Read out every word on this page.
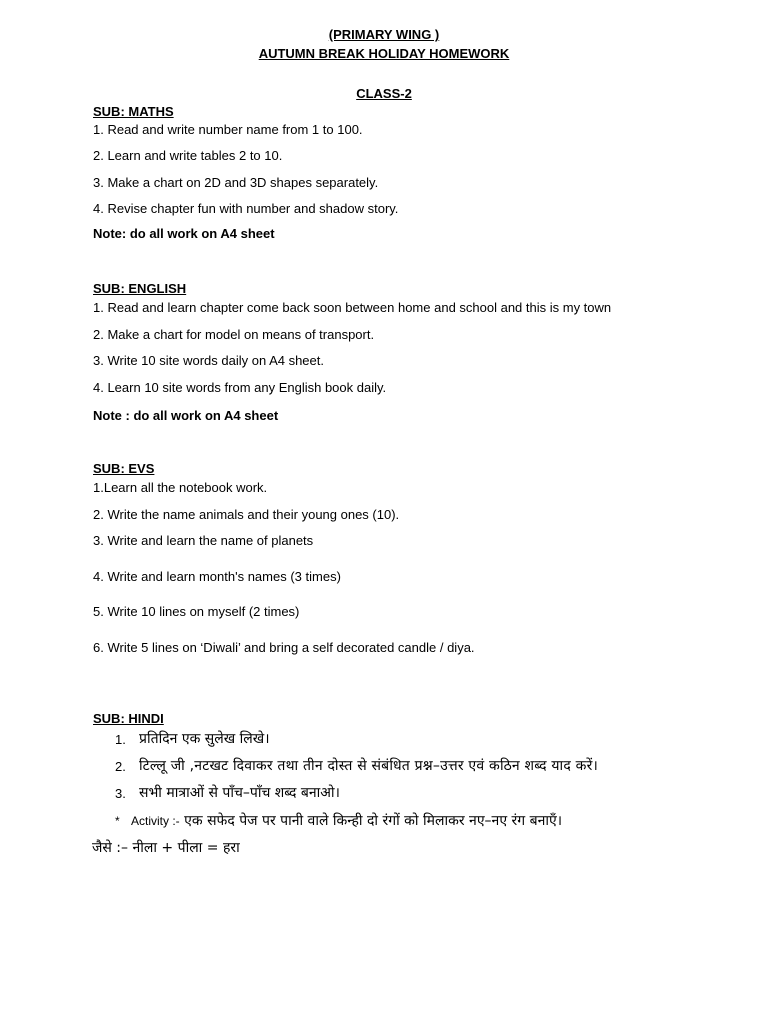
(PRIMARY WING )
AUTUMN BREAK HOLIDAY HOMEWORK
CLASS-2
SUB: MATHS
1. Read and write number name from 1 to 100.
2. Learn and write tables 2 to 10.
3. Make a chart on 2D and 3D shapes separately.
4. Revise chapter fun with number and shadow story.
Note: do all work on A4 sheet
SUB: ENGLISH
1. Read and learn chapter come back soon between home and school and this is my town
2. Make a chart for model on means of transport.
3. Write 10 site words daily on A4 sheet.
4. Learn 10 site words from any English book daily.
Note : do all work on A4 sheet
SUB: EVS
1.Learn all the notebook work.
2. Write the name animals and their young ones (10).
3. Write and learn the name of planets
4. Write and learn month's names (3 times)
5. Write 10 lines on myself (2 times)
6. Write 5 lines on ‘Diwali’ and bring a self decorated candle / diya.
SUB: HINDI
1. प्रतिदिन एक सुलेख लिखे।
2. टिल्लू जी ,नटखट दिवाकर तथा तीन दोस्त से संबंधित प्रश्न–उत्तर एवं कठिन शब्द याद करें।
3. सभी मात्राओं से पाँच–पाँच शब्द बनाओ।
* Activity :- एक सफेद पेज पर पानी वाले किन्ही दो रंगों को मिलाकर नए–नए रंग बनाएँ।
जैसे :– नीला + पीला = हरा
